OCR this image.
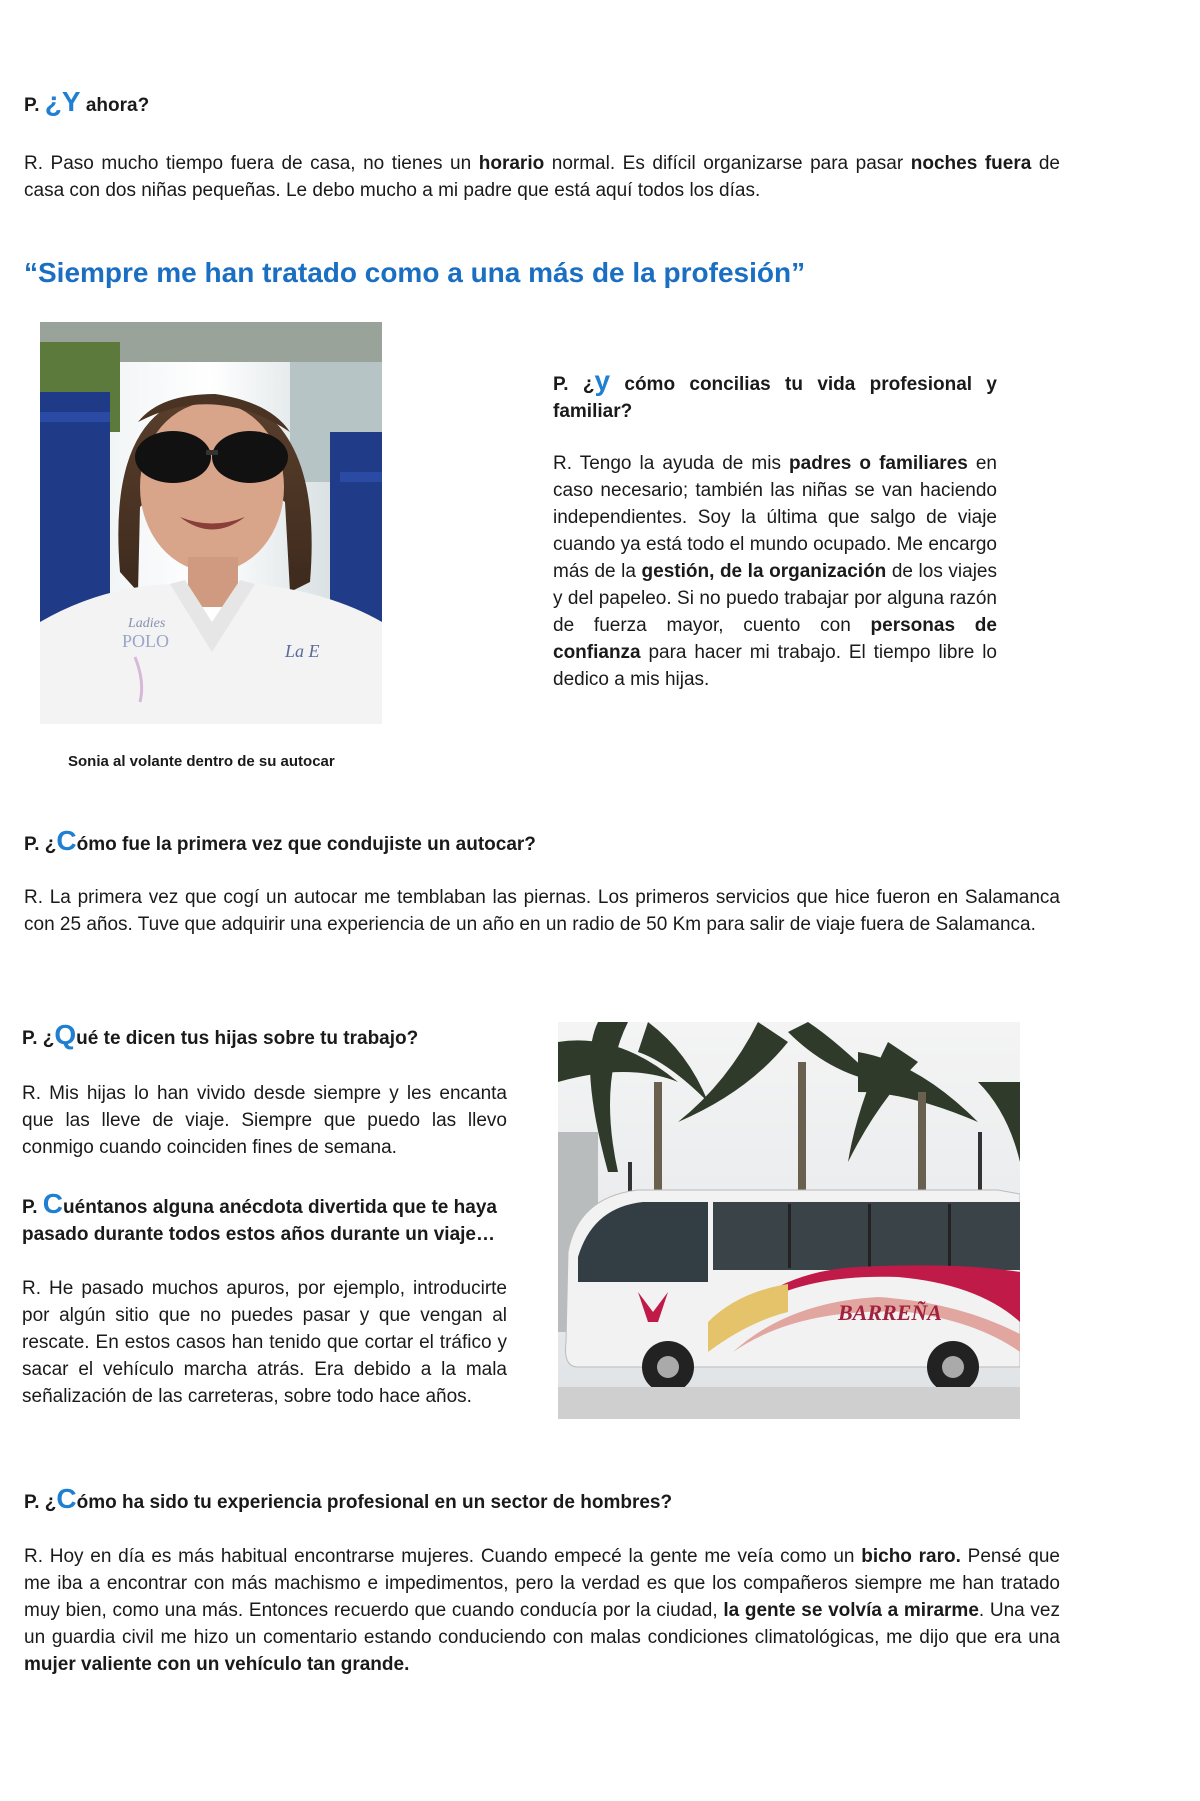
P. ¿Y ahora?
R. Paso mucho tiempo fuera de casa, no tienes un horario normal. Es difícil organizarse para pasar noches fuera de casa con dos niñas pequeñas. Le debo mucho a mi padre que está aquí todos los días.
“Siempre me han tratado como a una más de la profesión”
Ladies
POLO	La E
Sonia al volante dentro de su autocar
P. ¿y cómo concilias tu vida profesional y familiar?
R. Tengo la ayuda de mis padres o familiares en caso necesario; también las niñas se van haciendo independientes. Soy la última que salgo de viaje cuando ya está todo el mundo ocupado. Me encargo más de la gestión, de la organización de los viajes y del papeleo. Si no puedo trabajar por alguna razón de fuerza mayor, cuento con personas de confianza para hacer mi trabajo. El tiempo libre lo dedico a mis hijas.
P. ¿Cómo fue la primera vez que condujiste un autocar?
R. La primera vez que cogí un autocar me temblaban las piernas. Los primeros servicios que hice fueron en Salamanca con 25 años. Tuve que adquirir una experiencia de un año en un radio de 50 Km para salir de viaje fuera de Salamanca.
P. ¿Qué te dicen tus hijas sobre tu trabajo?
R. Mis hijas lo han vivido desde siempre y les encanta que las lleve de viaje. Siempre que puedo las llevo conmigo cuando coinciden fines de semana.
P. Cuéntanos alguna anécdota divertida que te haya pasado durante todos estos años durante un viaje…
R. He pasado muchos apuros, por ejemplo, introducirte por algún sitio que no puedes pasar y que vengan al rescate. En estos casos han tenido que cortar el tráfico y sacar el vehículo marcha atrás. Era debido a la mala señalización de las carreteras, sobre todo hace años.
BARREÑA
P. ¿Cómo ha sido tu experiencia profesional en un sector de hombres?
R. Hoy en día es más habitual encontrarse mujeres. Cuando empecé la gente me veía como un bicho raro. Pensé que me iba a encontrar con más machismo e impedimentos, pero la verdad es que los compañeros siempre me han tratado muy bien, como una más. Entonces recuerdo que cuando conducía por la ciudad, la gente se volvía a mirarme. Una vez un guardia civil me hizo un comentario estando conduciendo con malas condiciones climatológicas, me dijo que era una mujer valiente con un vehículo tan grande.
